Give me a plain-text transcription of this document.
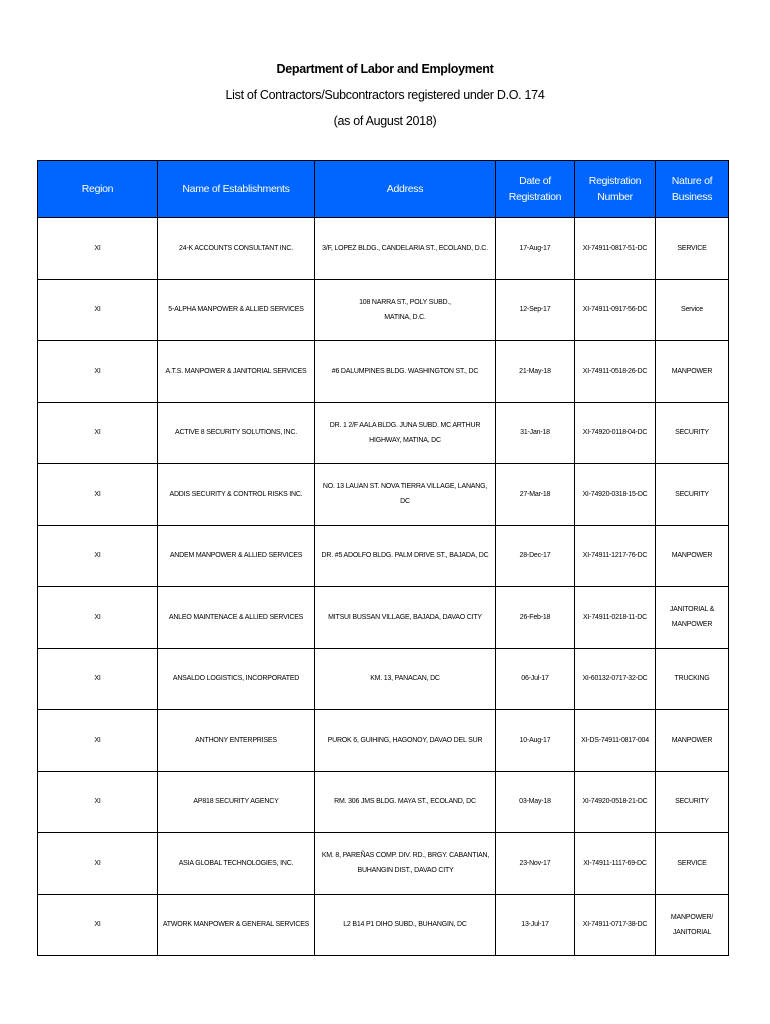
Department of Labor and Employment
List of Contractors/Subcontractors registered under D.O. 174
(as of August 2018)
Region	Name of Establishments	Address	Date of Registration	Registration Number	Nature of Business
XI	24-K ACCOUNTS CONSULTANT INC.	3/F, LOPEZ BLDG., CANDELARIA ST., ECOLAND, D.C.	17-Aug-17	XI-74911-0817-51-DC	SERVICE
XI	5-ALPHA MANPOWER & ALLIED SERVICES	108 NARRA ST., POLY SUBD., MATINA, D.C.	12-Sep-17	XI-74911-0917-56-DC	Service
XI	A.T.S. MANPOWER & JANITORIAL SERVICES	#6 DALUMPINES BLDG. WASHINGTON ST., DC	21-May-18	XI-74911-0518-26-DC	MANPOWER
XI	ACTIVE 8 SECURITY SOLUTIONS, INC.	DR. 1 2/F AALA BLDG. JUNA SUBD. MC ARTHUR HIGHWAY, MATINA, DC	31-Jan-18	XI-74920-0118-04-DC	SECURITY
XI	ADDIS SECURITY & CONTROL RISKS INC.	NO. 13 LAUAN ST. NOVA TIERRA VILLAGE, LANANG, DC	27-Mar-18	XI-74920-0318-15-DC	SECURITY
XI	ANDEM MANPOWER & ALLIED SERVICES	DR. #5 ADOLFO BLDG. PALM DRIVE ST., BAJADA, DC	28-Dec-17	XI-74911-1217-76-DC	MANPOWER
XI	ANLEO MAINTENACE & ALLIED SERVICES	MITSUI BUSSAN VILLAGE, BAJADA, DAVAO CITY	26-Feb-18	XI-74911-0218-11-DC	JANITORIAL & MANPOWER
XI	ANSALDO LOGISTICS, INCORPORATED	KM. 13, PANACAN, DC	06-Jul-17	XI-60132-0717-32-DC	TRUCKING
XI	ANTHONY ENTERPRISES	PUROK 6, GUIHING, HAGONOY, DAVAO DEL SUR	10-Aug-17	XI-DS-74911-0817-004	MANPOWER
XI	AP818 SECURITY AGENCY	RM. 306 JMS BLDG. MAYA ST., ECOLAND, DC	03-May-18	XI-74920-0518-21-DC	SECURITY
XI	ASIA GLOBAL TECHNOLOGIES, INC.	KM. 8, PAREÑAS COMP. DIV. RD., BRGY. CABANTIAN, BUHANGIN DIST., DAVAO CITY	23-Nov-17	XI-74911-1117-69-DC	SERVICE
XI	ATWORK MANPOWER & GENERAL SERVICES	L2 B14 P1 DIHO SUBD., BUHANGIN, DC	13-Jul-17	XI-74911-0717-38-DC	MANPOWER/ JANITORIAL
